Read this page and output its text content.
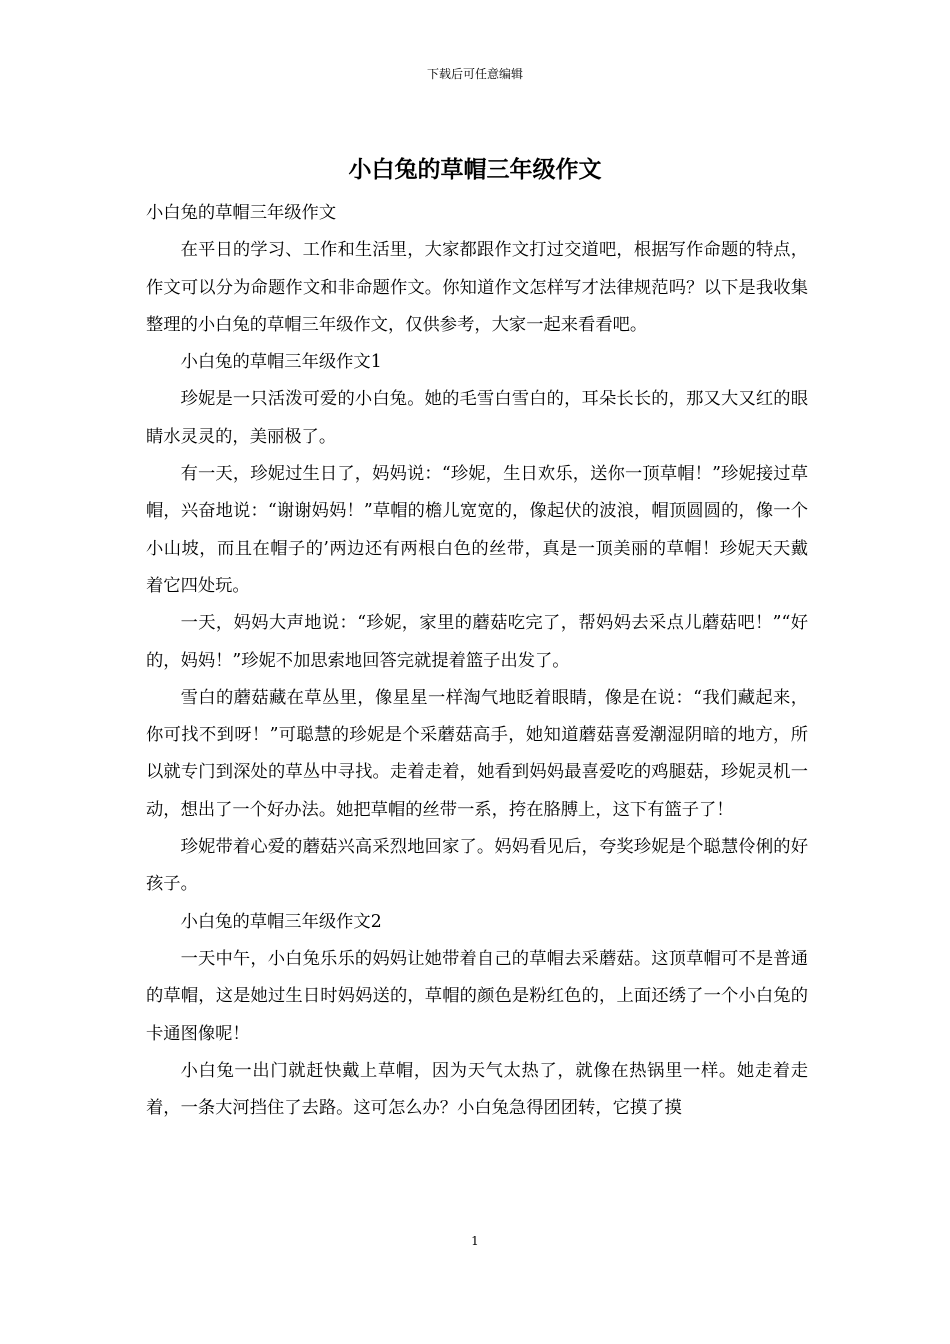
下载后可任意编辑
小白兔的草帽三年级作文

小白兔的草帽三年级作文

在平日的学习、工作和生活里，大家都跟作文打过交道吧，根据写作命题的特点，作文可以分为命题作文和非命题作文。你知道作文怎样写才法律规范吗？以下是我收集整理的小白兔的草帽三年级作文，仅供参考，大家一起来看看吧。

小白兔的草帽三年级作文1

珍妮是一只活泼可爱的小白兔。她的毛雪白雪白的，耳朵长长的，那又大又红的眼睛水灵灵的，美丽极了。

有一天，珍妮过生日了，妈妈说：“珍妮，生日欢乐，送你一顶草帽！”珍妮接过草帽，兴奋地说：“谢谢妈妈！”草帽的檐儿宽宽的，像起伏的波浪，帽顶圆圆的，像一个小山坡，而且在帽子的’两边还有两根白色的丝带，真是一顶美丽的草帽！珍妮天天戴着它四处玩。

一天，妈妈大声地说：“珍妮，家里的蘑菇吃完了，帮妈妈去采点儿蘑菇吧！”“好的，妈妈！”珍妮不加思索地回答完就提着篮子出发了。

雪白的蘑菇藏在草丛里，像星星一样淘气地眨着眼睛，像是在说：“我们藏起来，你可找不到呀！”可聪慧的珍妮是个采蘑菇高手，她知道蘑菇喜爱潮湿阴暗的地方，所以就专门到深处的草丛中寻找。走着走着，她看到妈妈最喜爱吃的鸡腿菇，珍妮灵机一动，想出了一个好办法。她把草帽的丝带一系，挎在胳膊上，这下有篮子了！

珍妮带着心爱的蘑菇兴高采烈地回家了。妈妈看见后，夸奖珍妮是个聪慧伶俐的好孩子。

小白兔的草帽三年级作文2

一天中午，小白兔乐乐的妈妈让她带着自己的草帽去采蘑菇。这顶草帽可不是普通的草帽，这是她过生日时妈妈送的，草帽的颜色是粉红色的，上面还绣了一个小白兔的卡通图像呢！

小白兔一出门就赶快戴上草帽，因为天气太热了，就像在热锅里一样。她走着走着，一条大河挡住了去路。这可怎么办？小白兔急得团团转，它摸了摸

1
